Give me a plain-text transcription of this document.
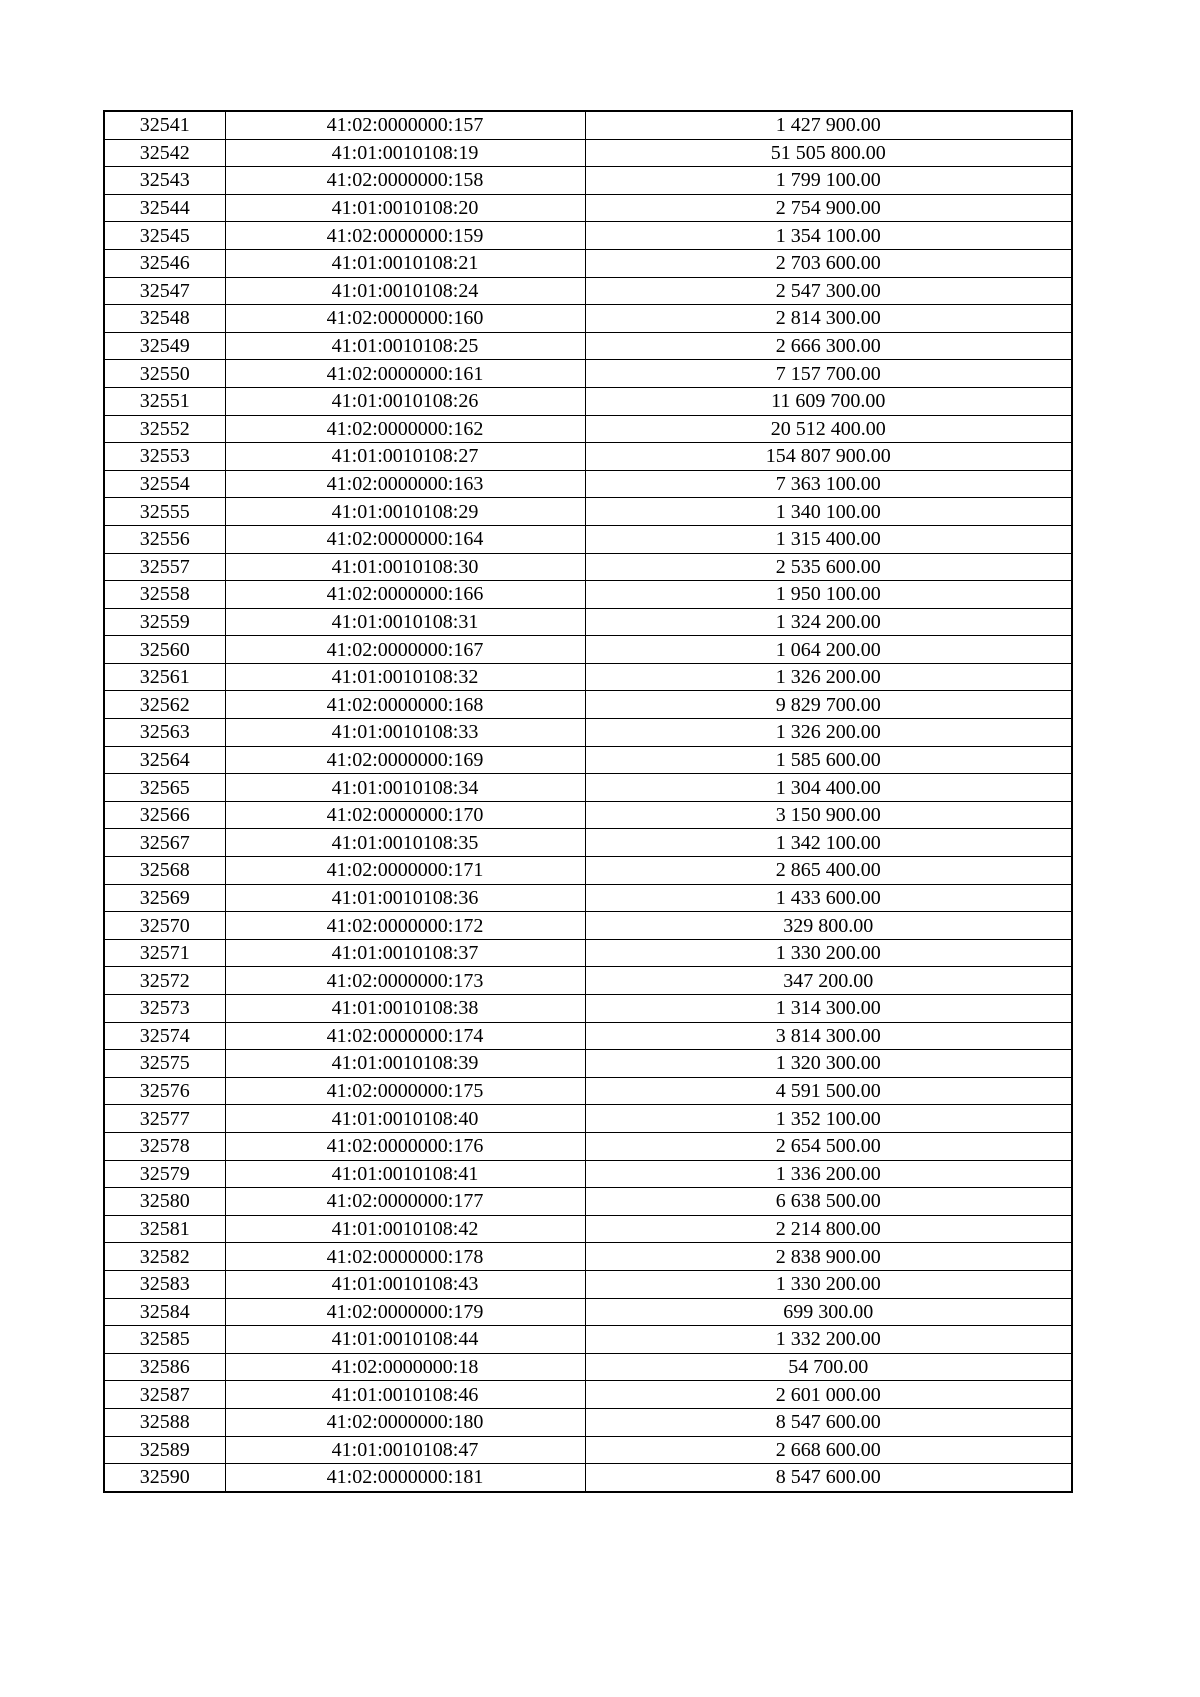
32541	41:02:0000000:157	1 427 900.00
32542	41:01:0010108:19	51 505 800.00
32543	41:02:0000000:158	1 799 100.00
32544	41:01:0010108:20	2 754 900.00
32545	41:02:0000000:159	1 354 100.00
32546	41:01:0010108:21	2 703 600.00
32547	41:01:0010108:24	2 547 300.00
32548	41:02:0000000:160	2 814 300.00
32549	41:01:0010108:25	2 666 300.00
32550	41:02:0000000:161	7 157 700.00
32551	41:01:0010108:26	11 609 700.00
32552	41:02:0000000:162	20 512 400.00
32553	41:01:0010108:27	154 807 900.00
32554	41:02:0000000:163	7 363 100.00
32555	41:01:0010108:29	1 340 100.00
32556	41:02:0000000:164	1 315 400.00
32557	41:01:0010108:30	2 535 600.00
32558	41:02:0000000:166	1 950 100.00
32559	41:01:0010108:31	1 324 200.00
32560	41:02:0000000:167	1 064 200.00
32561	41:01:0010108:32	1 326 200.00
32562	41:02:0000000:168	9 829 700.00
32563	41:01:0010108:33	1 326 200.00
32564	41:02:0000000:169	1 585 600.00
32565	41:01:0010108:34	1 304 400.00
32566	41:02:0000000:170	3 150 900.00
32567	41:01:0010108:35	1 342 100.00
32568	41:02:0000000:171	2 865 400.00
32569	41:01:0010108:36	1 433 600.00
32570	41:02:0000000:172	329 800.00
32571	41:01:0010108:37	1 330 200.00
32572	41:02:0000000:173	347 200.00
32573	41:01:0010108:38	1 314 300.00
32574	41:02:0000000:174	3 814 300.00
32575	41:01:0010108:39	1 320 300.00
32576	41:02:0000000:175	4 591 500.00
32577	41:01:0010108:40	1 352 100.00
32578	41:02:0000000:176	2 654 500.00
32579	41:01:0010108:41	1 336 200.00
32580	41:02:0000000:177	6 638 500.00
32581	41:01:0010108:42	2 214 800.00
32582	41:02:0000000:178	2 838 900.00
32583	41:01:0010108:43	1 330 200.00
32584	41:02:0000000:179	699 300.00
32585	41:01:0010108:44	1 332 200.00
32586	41:02:0000000:18	54 700.00
32587	41:01:0010108:46	2 601 000.00
32588	41:02:0000000:180	8 547 600.00
32589	41:01:0010108:47	2 668 600.00
32590	41:02:0000000:181	8 547 600.00
